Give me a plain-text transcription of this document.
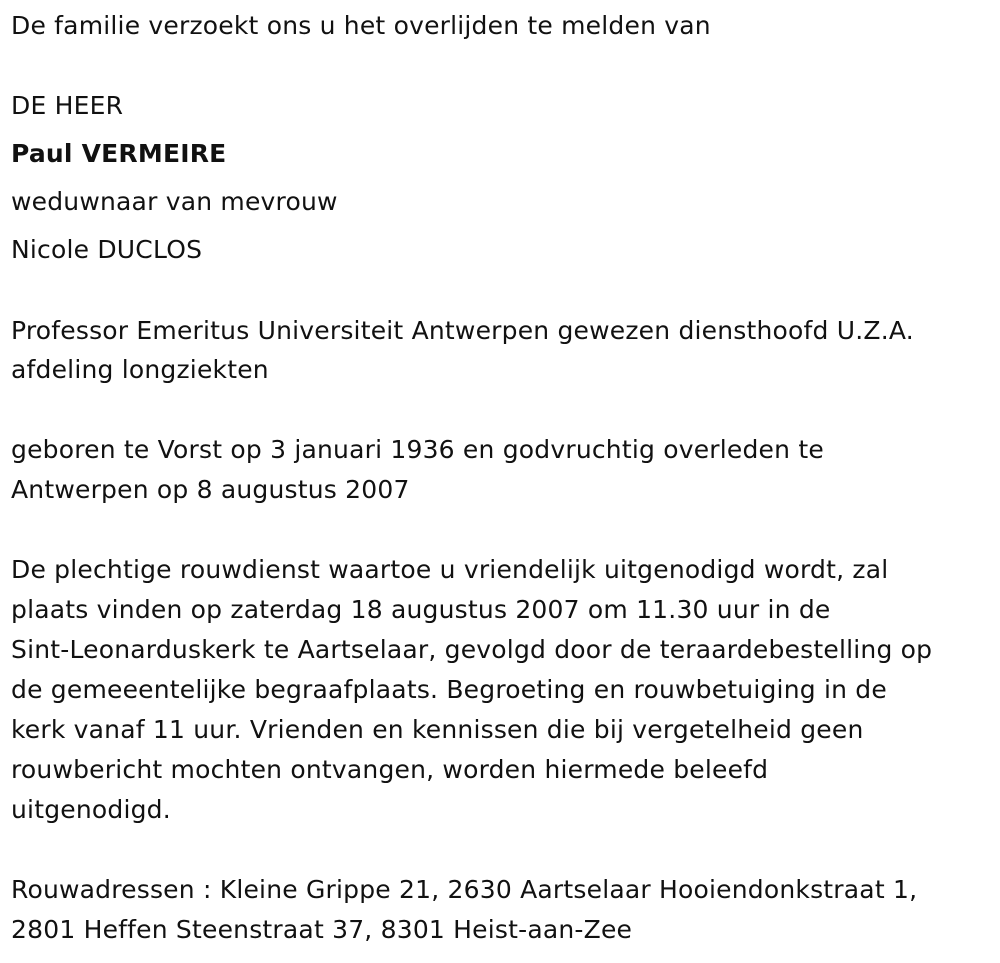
De familie verzoekt ons u het overlijden te melden van
DE HEER
Paul VERMEIRE
weduwnaar van mevrouw
Nicole DUCLOS
Professor Emeritus Universiteit Antwerpen gewezen diensthoofd U.Z.A.
afdeling longziekten
geboren te Vorst op 3 januari 1936 en godvruchtig overleden te
Antwerpen op 8 augustus 2007
De plechtige rouwdienst waartoe u vriendelijk uitgenodigd wordt, zal
plaats vinden op zaterdag 18 augustus 2007 om 11.30 uur in de
Sint-Leonarduskerk te Aartselaar, gevolgd door de teraardebestelling op
de gemeeentelijke begraafplaats. Begroeting en rouwbetuiging in de
kerk vanaf 11 uur. Vrienden en kennissen die bij vergetelheid geen
rouwbericht mochten ontvangen, worden hiermede beleefd
uitgenodigd.
Rouwadressen : Kleine Grippe 21, 2630 Aartselaar Hooiendonkstraat 1,
2801 Heffen Steenstraat 37, 8301 Heist-aan-Zee
